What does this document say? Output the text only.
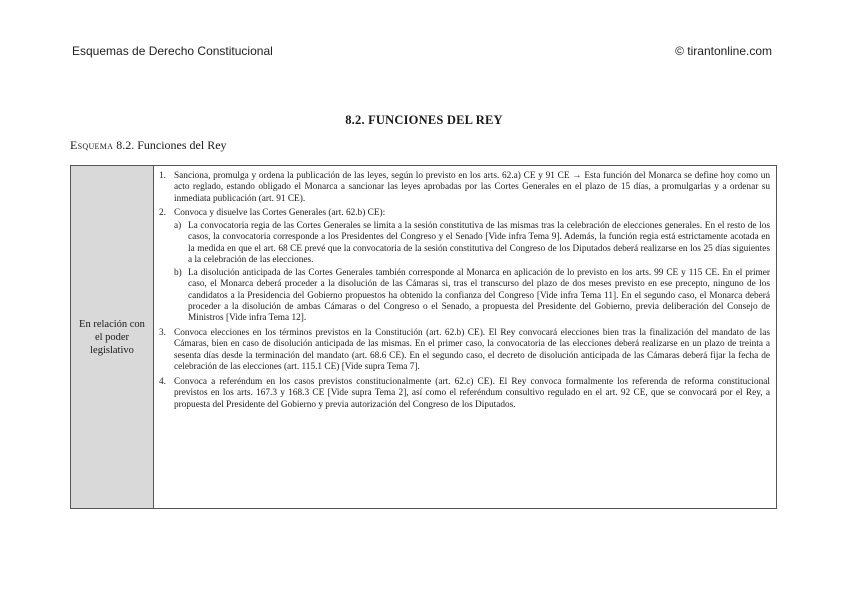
Esquemas de Derecho Constitucional	© tirantonline.com
8.2. FUNCIONES DEL REY
Esquema 8.2. Funciones del Rey
En relación con el poder legislativo
1. Sanciona, promulga y ordena la publicación de las leyes, según lo previsto en los arts. 62.a) CE y 91 CE → Esta función del Monarca se define hoy como un acto reglado, estando obligado el Monarca a sancionar las leyes aprobadas por las Cortes Generales en el plazo de 15 días, a promulgarlas y a ordenar su inmediata publicación (art. 91 CE).
2. Convoca y disuelve las Cortes Generales (art. 62.b) CE):
a) La convocatoria regia de las Cortes Generales se limita a la sesión constitutiva de las mismas tras la celebración de elecciones generales. En el resto de los casos, la convocatoria corresponde a los Presidentes del Congreso y el Senado [Vide infra Tema 9]. Además, la función regia está estrictamente acotada en la medida en que el art. 68 CE prevé que la convocatoria de la sesión constitutiva del Congreso de los Diputados deberá realizarse en los 25 días siguientes a la celebración de las elecciones.
b) La disolución anticipada de las Cortes Generales también corresponde al Monarca en aplicación de lo previsto en los arts. 99 CE y 115 CE. En el primer caso, el Monarca deberá proceder a la disolución de las Cámaras si, tras el transcurso del plazo de dos meses previsto en ese precepto, ninguno de los candidatos a la Presidencia del Gobierno propuestos ha obtenido la confianza del Congreso [Vide infra Tema 11]. En el segundo caso, el Monarca deberá proceder a la disolución de ambas Cámaras o del Congreso o el Senado, a propuesta del Presidente del Gobierno, previa deliberación del Consejo de Ministros [Vide infra Tema 12].
3. Convoca elecciones en los términos previstos en la Constitución (art. 62.b) CE). El Rey convocará elecciones bien tras la finalización del mandato de las Cámaras, bien en caso de disolución anticipada de las mismas. En el primer caso, la convocatoria de las elecciones deberá realizarse en un plazo de treinta a sesenta días desde la terminación del mandato (art. 68.6 CE). En el segundo caso, el decreto de disolución anticipada de las Cámaras deberá fijar la fecha de celebración de las elecciones (art. 115.1 CE) [Vide supra Tema 7].
4. Convoca a referéndum en los casos previstos constitucionalmente (art. 62.c) CE). El Rey convoca formalmente los referenda de reforma constitucional previstos en los arts. 167.3 y 168.3 CE [Vide supra Tema 2], así como el referéndum consultivo regulado en el art. 92 CE, que se convocará por el Rey, a propuesta del Presidente del Gobierno y previa autorización del Congreso de los Diputados.
